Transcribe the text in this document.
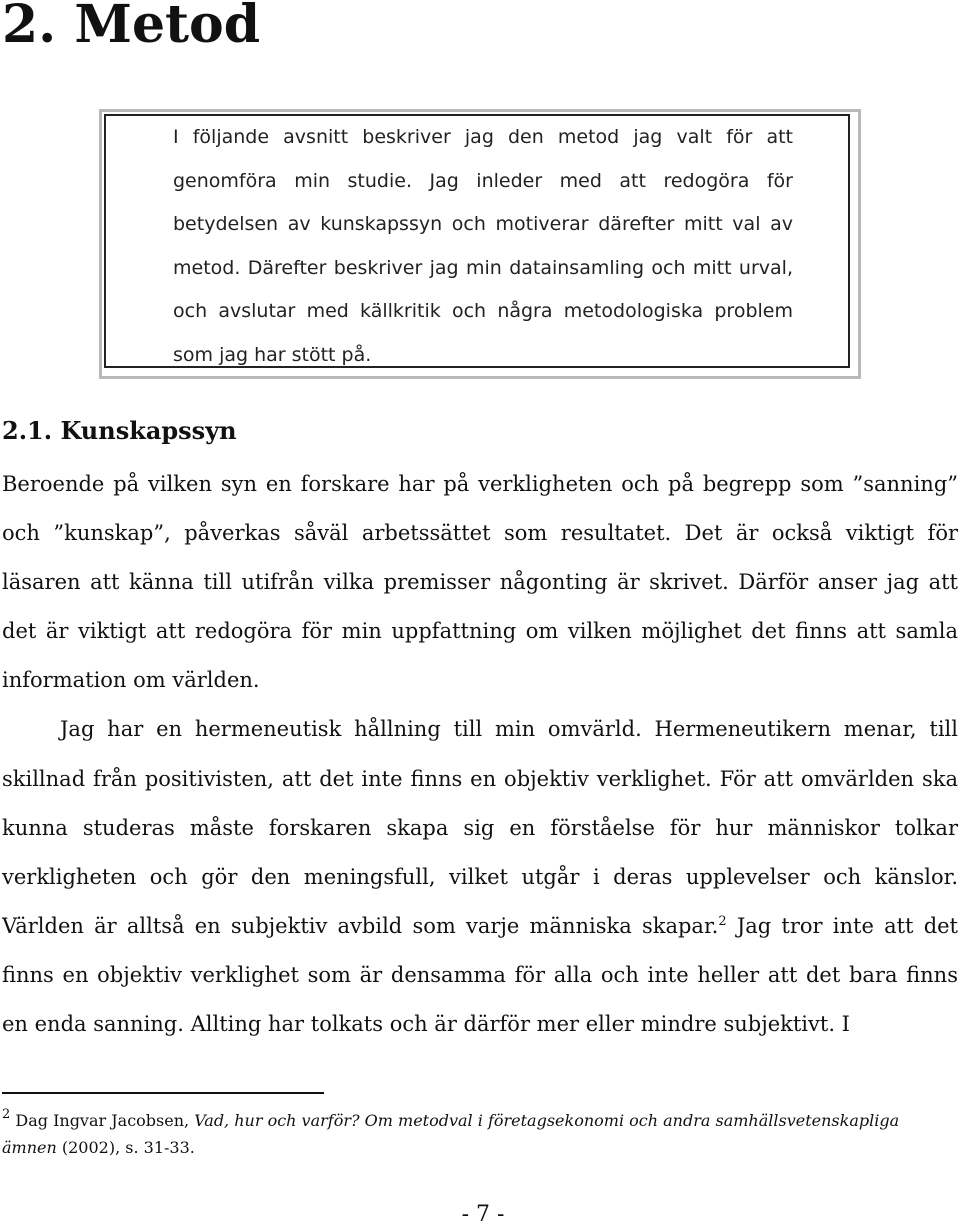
2. Metod

I följande avsnitt beskriver jag den metod jag valt för att genomföra min studie. Jag inleder med att redogöra för betydelsen av kunskapssyn och motiverar därefter mitt val av metod. Därefter beskriver jag min datainsamling och mitt urval, och avslutar med källkritik och några metodologiska problem som jag har stött på.

2.1. Kunskapssyn

Beroende på vilken syn en forskare har på verkligheten och på begrepp som ”sanning” och ”kunskap”, påverkas såväl arbetssättet som resultatet. Det är också viktigt för läsaren att känna till utifrån vilka premisser någonting är skrivet. Därför anser jag att det är viktigt att redogöra för min uppfattning om vilken möjlighet det finns att samla information om världen.

Jag har en hermeneutisk hållning till min omvärld. Hermeneutikern menar, till skillnad från positivisten, att det inte finns en objektiv verklighet. För att omvärlden ska kunna studeras måste forskaren skapa sig en förståelse för hur människor tolkar verkligheten och gör den meningsfull, vilket utgår i deras upplevelser och känslor. Världen är alltså en subjektiv avbild som varje människa skapar.$^2$ Jag tror inte att det finns en objektiv verklighet som är densamma för alla och inte heller att det bara finns en enda sanning. Allting har tolkats och är därför mer eller mindre subjektivt. I

$^2$ Dag Ingvar Jacobsen, Vad, hur och varför? Om metodval i företagsekonomi och andra samhällsvetenskapliga ämnen (2002), s. 31-33.

- 7 -
